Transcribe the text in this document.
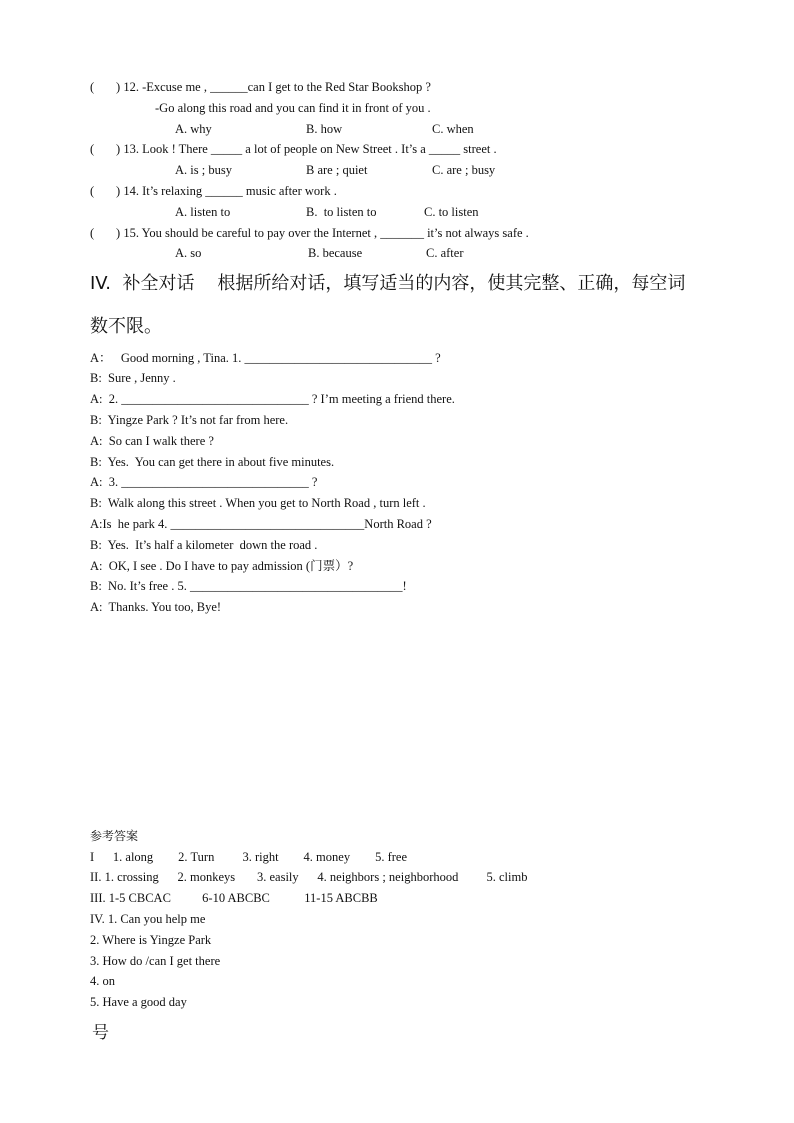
(       ) 12. -Excuse me , ______can I get to the Red Star Bookshop ?
-Go along this road and you can find it in front of you .
A. why	B. how	C. when
(       ) 13. Look ! There _____ a lot of people on New Street . It’s a _____ street .
A. is ; busy	B are ; quiet	C. are ; busy
(       ) 14. It’s relaxing ______ music after work .
A. listen to	B.  to listen to	C. to listen
(       ) 15. You should be careful to pay over the Internet , _______ it’s not always safe .
A. so	B. because	C. after
IV.  补全对话    根据所给对话，填写适当的内容，使其完整、正确，每空词
数不限。
A：   Good morning , Tina. 1. ______________________________ ?
B:  Sure , Jenny .
A:  2. ______________________________ ? I’m meeting a friend there.
B:  Yingze Park ? It’s not far from here.
A:  So can I walk there ?
B:  Yes.  You can get there in about five minutes.
A:  3. ______________________________ ?
B:  Walk along this street . When you get to North Road , turn left .
A:Is  he park 4. _______________________________North Road ?
B:  Yes.  It’s half a kilometer  down the road .
A:  OK, I see . Do I have to pay admission (门票）?
B:  No. It’s free . 5. __________________________________!
A:  Thanks. You too, Bye!
参考答案
I      1. along        2. Turn         3. right        4. money        5. free
II. 1. crossing      2. monkeys       3. easily      4. neighbors ; neighborhood         5. climb
III. 1-5 CBCAC          6-10 ABCBC           11-15 ABCBB
IV. 1. Can you help me
2. Where is Yingze Park
3. How do /can I get there
4. on
5. Have a good day
号
